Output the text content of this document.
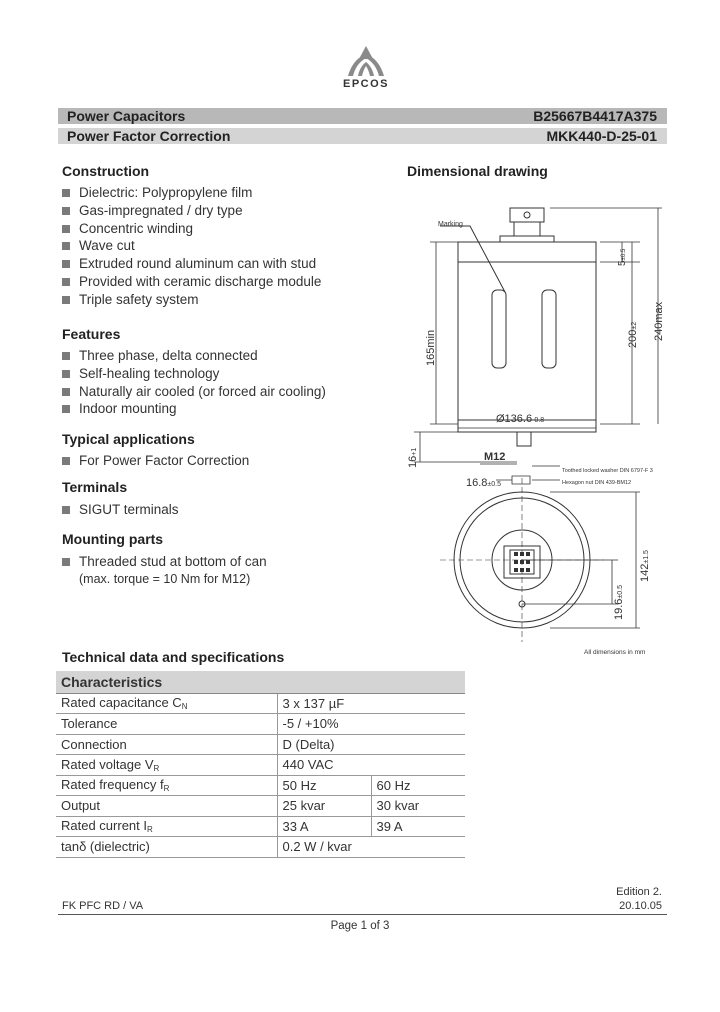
EPCOS
Power Capacitors	B25667B4417A375
Power Factor Correction	MKK440-D-25-01
Construction
Dielectric: Polypropylene film
Gas-impregnated / dry type
Concentric winding
Wave cut
Extruded round aluminum can with stud
Provided with ceramic discharge module
Triple safety system
Features
Three phase, delta connected
Self-healing technology
Naturally air cooled (or forced air cooling)
Indoor mounting
Typical applications
For Power Factor Correction
Terminals
SIGUT terminals
Mounting parts
Threaded stud at bottom of can
(max. torque = 10 Nm for M12)
Dimensional drawing
Marking
5±0.5
200±2 240max
165min
Ø136.6-0.8
16+1	M12
16.8±0.5
Toothed locked washer DIN 6797-F 3
Hexagon nut DIN 439-BM12
142±1.5
19.6±0.5
All dimensions in mm
Technical data and specifications
Characteristics		
Rated capacitance $C_N$	3 x 137 µF	
Tolerance	-5 / +10%	
Connection	D (Delta)	
Rated voltage $V_R$	440 VAC	
Rated frequency $f_R$	50 Hz	60 Hz
Output	25 kvar	30 kvar
Rated current $I_R$	33 A	39 A
tanδ (dielectric)	0.2 W / kvar	
Edition 2.
FK PFC RD / VA	20.10.05
Page 1 of 3
